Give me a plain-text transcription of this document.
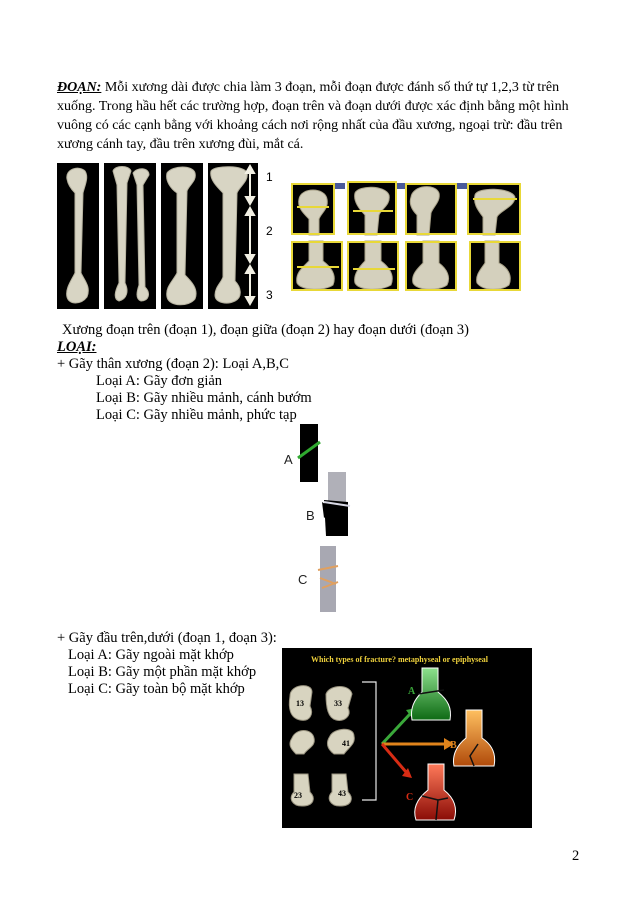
ĐOẠN: Mỗi xương dài được chia làm 3 đoạn, mỗi đoạn được đánh số thứ tự 1,2,3 từ trên xuống. Trong hầu hết các trường hợp, đoạn trên và đoạn dưới được xác định bằng một hình vuông có các cạnh bằng với khoảng cách nơi rộng nhất của đầu xương, ngoại trừ: đầu trên xương cánh tay, đầu trên xương đùi, mắt cá.
1
2
3
Xương đoạn trên (đoạn 1), đoạn giữa (đoạn 2) hay đoạn dưới (đoạn 3)
LOẠI:
+ Gãy thân xương (đoạn 2): Loại A,B,C
Loại A: Gãy đơn giản
Loại B: Gãy nhiều mảnh, cánh bướm
Loại C: Gãy nhiều mảnh, phức tạp
A
B
C
+ Gãy đầu trên,dưới (đoạn 1, đoạn 3):
Loại A: Gãy ngoài mặt khớp
Loại B: Gãy một phần mặt khớp
Loại C: Gãy toàn bộ mặt khớp
Which types of fracture? metaphyseal or epiphyseal
13	33
41
23	43
A
B
C
2
